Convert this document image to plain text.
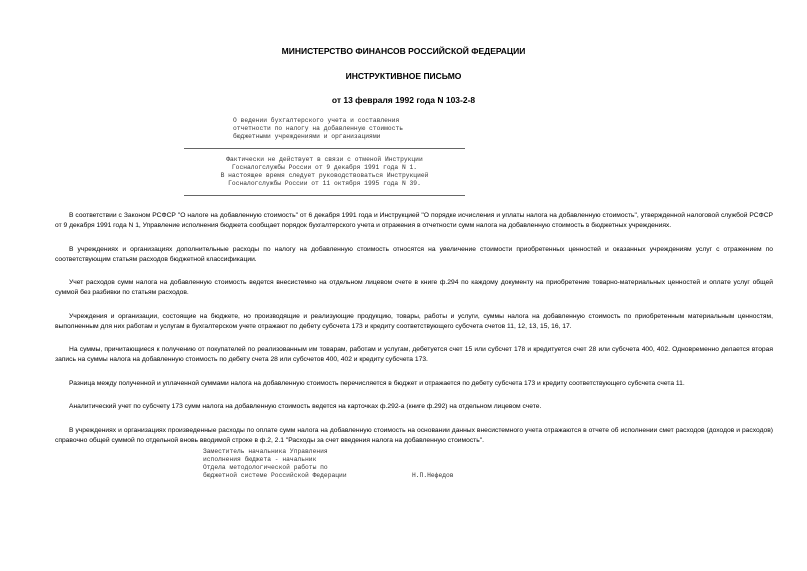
МИНИСТЕРСТВО ФИНАНСОВ РОССИЙСКОЙ ФЕДЕРАЦИИ
ИНСТРУКТИВНОЕ ПИСЬМО
от 13 февраля 1992 года N 103-2-8
О ведении бухгалтерского учета и составления
отчетности по налогу на добавленную стоимость
бюджетными учреждениями и организациями
Фактически не действует в связи с отменой Инструкции
Госналогслужбы России от 9 декабря 1991 года N 1.
В настоящее время следует руководствоваться Инструкцией
Госналогслужбы России от 11 октября 1995 года N 39.

В соответствии с Законом РСФСР "О налоге на добавленную стоимость" от 6 декабря 1991 года и Инструкцией "О порядке исчисления и уплаты налога на добавленную стоимость", утвержденной налоговой службой РСФСР от 9 декабря 1991 года N 1, Управление исполнения бюджета сообщает порядок бухгалтерского учета и отражения в отчетности сумм налога на добавленную стоимость в бюджетных учреждениях.

В учреждениях и организациях дополнительные расходы по налогу на добавленную стоимость относятся на увеличение стоимости приобретенных ценностей и оказанных учреждениям услуг с отражением по соответствующим статьям расходов бюджетной классификации.

Учет расходов сумм налога на добавленную стоимость ведется внесистемно на отдельном лицевом счете в книге ф.294 по каждому документу на приобретение товарно-материальных ценностей и оплате услуг общей суммой без разбивки по статьям расходов.

Учреждения и организации, состоящие на бюджете, но производящие и реализующие продукцию, товары, работы и услуги, суммы налога на добавленную стоимость по приобретенным материальным ценностям, выполненным для них работам и услугам в бухгалтерском учете отражают по дебету субсчета 173 и кредиту соответствующего субсчета счетов 11, 12, 13, 15, 16, 17.

На суммы, причитающиеся к получению от покупателей по реализованным им товарам, работам и услугам, дебетуется счет 15 или субсчет 178 и кредитуется счет 28 или субсчета 400, 402. Одновременно делается вторая запись на суммы налога на добавленную стоимость по дебету счета 28 или субсчетов 400, 402 и кредиту субсчета 173.

Разница между полученной и уплаченной суммами налога на добавленную стоимость перечисляется в бюджет и отражается по дебету субсчета 173 и кредиту соответствующего субсчета счета 11.

Аналитический учет по субсчету 173 сумм налога на добавленную стоимость ведется на карточках ф.292-а (книге ф.292) на отдельном лицевом счете.

В учреждениях и организациях произведенные расходы по оплате сумм налога на добавленную стоимость на основании данных внесистемного учета отражаются в отчете об исполнении смет расходов (доходов и расходов) справочно общей суммой по отдельной вновь вводимой строке в ф.2, 2.1 "Расходы за счет введения налога на добавленную стоимость".

Заместитель начальника Управления
исполнения бюджета - начальник
Отдела методологической работы по
бюджетной системе Российской Федерации	Н.П.Нефедов
